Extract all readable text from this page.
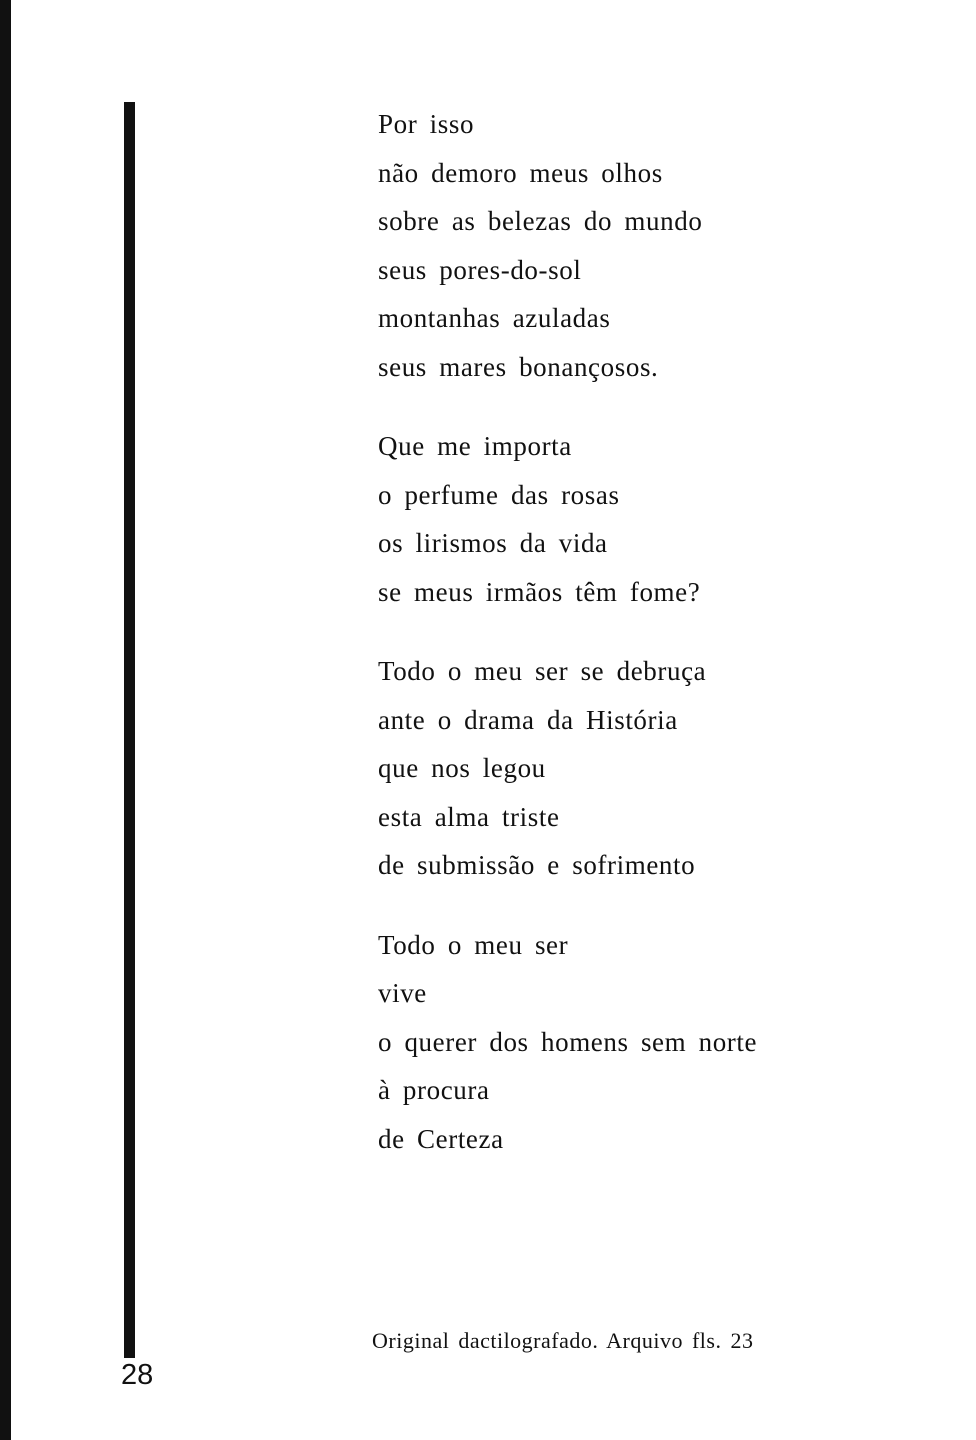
Por isso
não demoro meus olhos
sobre as belezas do mundo
seus pores-do-sol
montanhas azuladas
seus mares bonançosos.
Que me importa
o perfume das rosas
os lirismos da vida
se meus irmãos têm fome?
Todo o meu ser se debruça
ante o drama da História
que nos legou
esta alma triste
de submissão e sofrimento
Todo o meu ser
vive
o querer dos homens sem norte
à procura
de Certeza
Original dactilografado. Arquivo fls. 23
28
